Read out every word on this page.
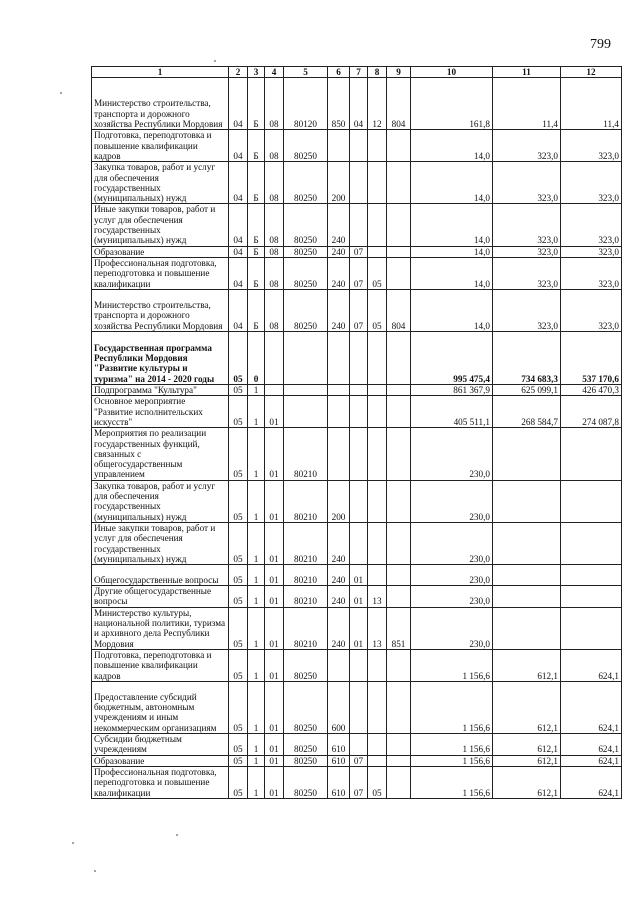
799
1	2	3	4	5	6	7	8	9	10	11	12
Министерство строительства, транспорта и дорожного хозяйства Республики Мордовия	04	Б	08	80120	850	04	12	804	161,8	11,4	11,4
Подготовка, переподготовка и повышение квалификации кадров	04	Б	08	80250					14,0	323,0	323,0
Закупка товаров, работ и услуг для обеспечения государственных (муниципальных) нужд	04	Б	08	80250	200				14,0	323,0	323,0
Иные закупки товаров, работ и услуг для обеспечения государственных (муниципальных) нужд	04	Б	08	80250	240				14,0	323,0	323,0
Образование	04	Б	08	80250	240	07			14,0	323,0	323,0
Профессиональная подготовка, переподготовка и повышение квалификации	04	Б	08	80250	240	07	05		14,0	323,0	323,0
Министерство строительства, транспорта и дорожного хозяйства Республики Мордовия	04	Б	08	80250	240	07	05	804	14,0	323,0	323,0
Государственная программа Республики Мордовия "Развитие культуры и туризма" на 2014 - 2020 годы	05	0							995 475,4	734 683,3	537 170,6
Подпрограмма "Культура"	05	1							861 367,9	625 099,1	426 470,3
Основное мероприятие "Развитие исполнительских искусств"	05	1	01						405 511,1	268 584,7	274 087,8
Мероприятия по реализации государственных функций, связанных с общегосударственным управлением	05	1	01	80210					230,0		
Закупка товаров, работ и услуг для обеспечения государственных (муниципальных) нужд	05	1	01	80210	200				230,0		
Иные закупки товаров, работ и услуг для обеспечения государственных (муниципальных) нужд	05	1	01	80210	240				230,0		
Общегосударственные вопросы	05	1	01	80210	240	01			230,0		
Другие общегосударственные вопросы	05	1	01	80210	240	01	13		230,0		
Министерство культуры, национальной политики, туризма и архивного дела Республики Мордовия	05	1	01	80210	240	01	13	851	230,0		
Подготовка, переподготовка и повышение квалификации кадров	05	1	01	80250					1 156,6	612,1	624,1
Предоставление субсидий бюджетным, автономным учреждениям и иным некоммерческим организациям	05	1	01	80250	600				1 156,6	612,1	624,1
Субсидии бюджетным учреждениям	05	1	01	80250	610				1 156,6	612,1	624,1
Образование	05	1	01	80250	610	07			1 156,6	612,1	624,1
Профессиональная подготовка, переподготовка и повышение квалификации	05	1	01	80250	610	07	05		1 156,6	612,1	624,1
